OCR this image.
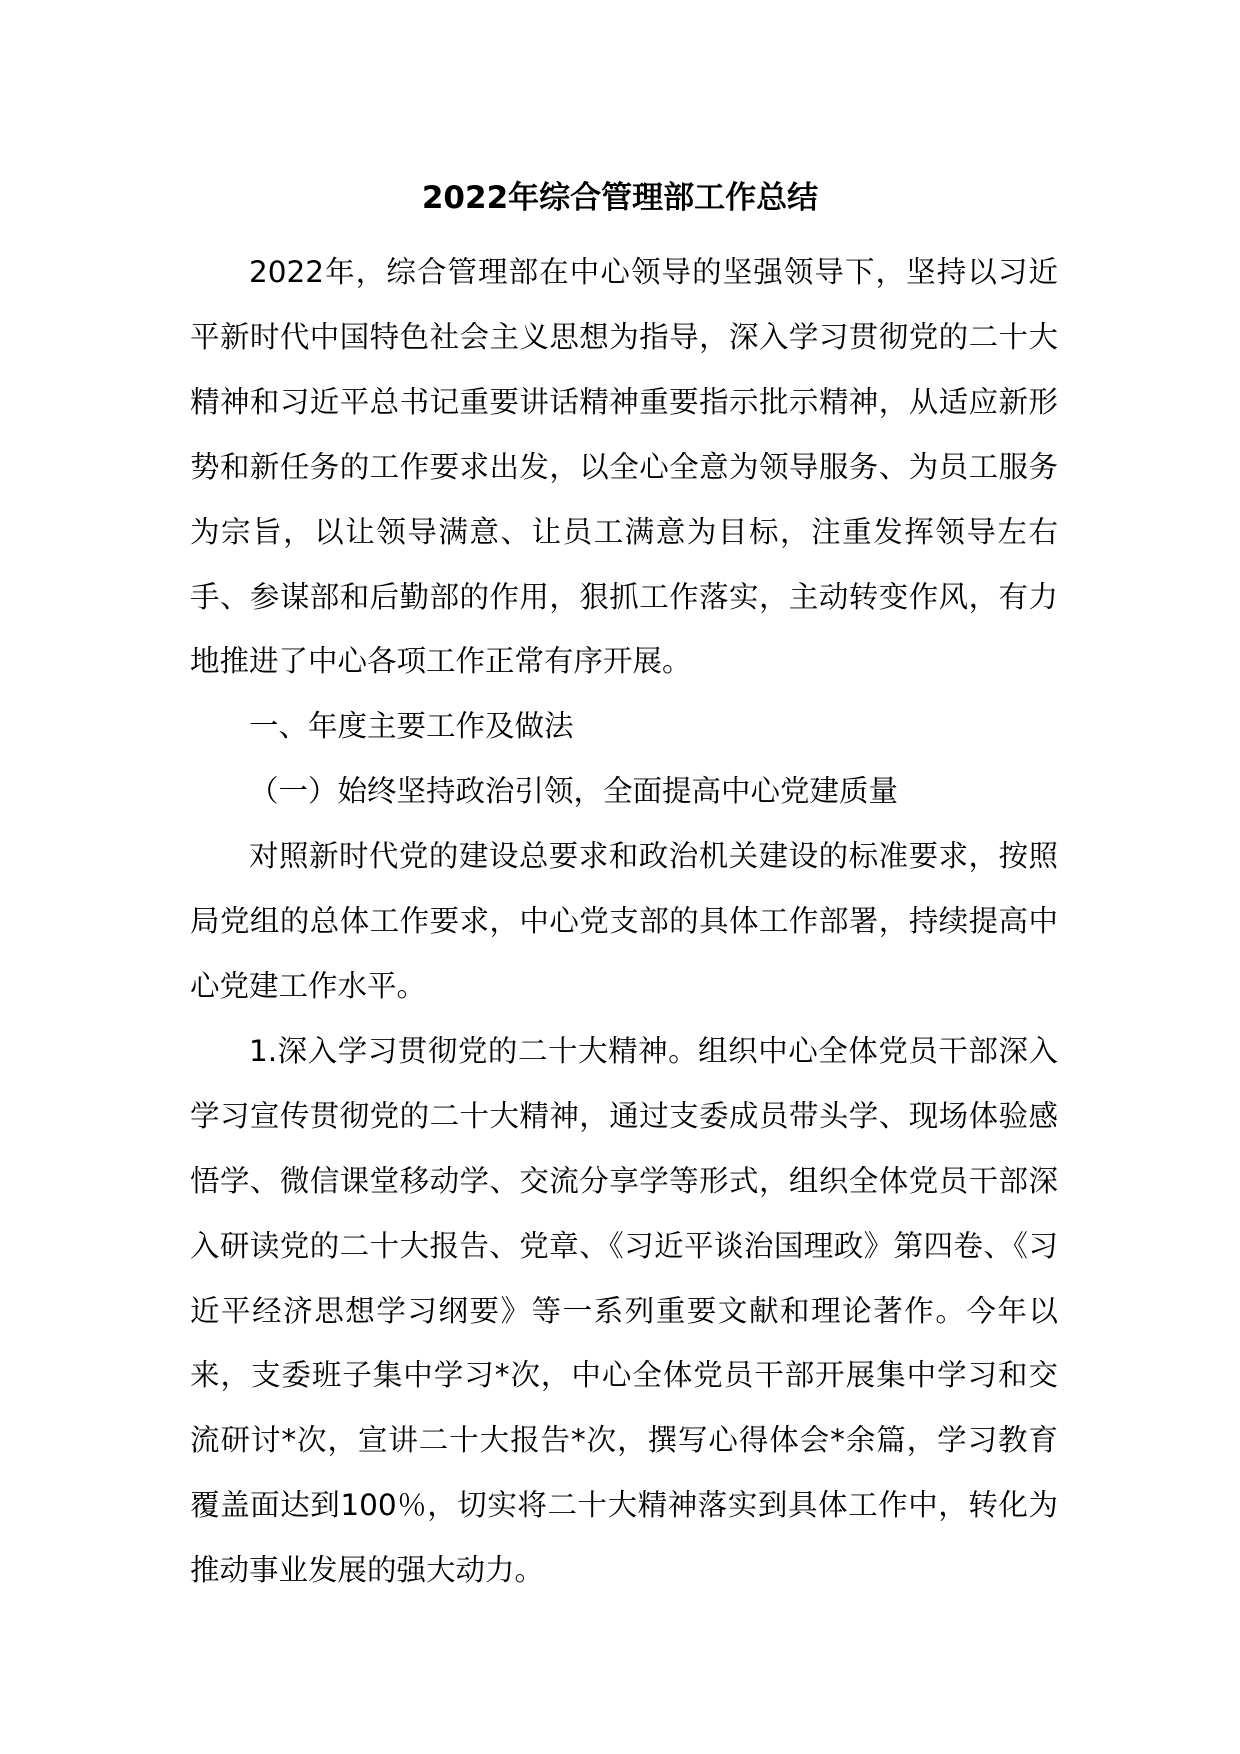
2022年综合管理部工作总结

2022年，综合管理部在中心领导的坚强领导下，坚持以习近平新时代中国特色社会主义思想为指导，深入学习贯彻党的二十大精神和习近平总书记重要讲话精神重要指示批示精神，从适应新形势和新任务的工作要求出发，以全心全意为领导服务、为员工服务为宗旨，以让领导满意、让员工满意为目标，注重发挥领导左右手、参谋部和后勤部的作用，狠抓工作落实，主动转变作风，有力地推进了中心各项工作正常有序开展。

一、年度主要工作及做法

（一）始终坚持政治引领，全面提高中心党建质量

对照新时代党的建设总要求和政治机关建设的标准要求，按照局党组的总体工作要求，中心党支部的具体工作部署，持续提高中心党建工作水平。

1.深入学习贯彻党的二十大精神。组织中心全体党员干部深入学习宣传贯彻党的二十大精神，通过支委成员带头学、现场体验感悟学、微信课堂移动学、交流分享学等形式，组织全体党员干部深入研读党的二十大报告、党章、《习近平谈治国理政》第四卷、《习近平经济思想学习纲要》等一系列重要文献和理论著作。今年以来，支委班子集中学习*次，中心全体党员干部开展集中学习和交流研讨*次，宣讲二十大报告*次，撰写心得体会*余篇，学习教育覆盖面达到100％，切实将二十大精神落实到具体工作中，转化为推动事业发展的强大动力。
